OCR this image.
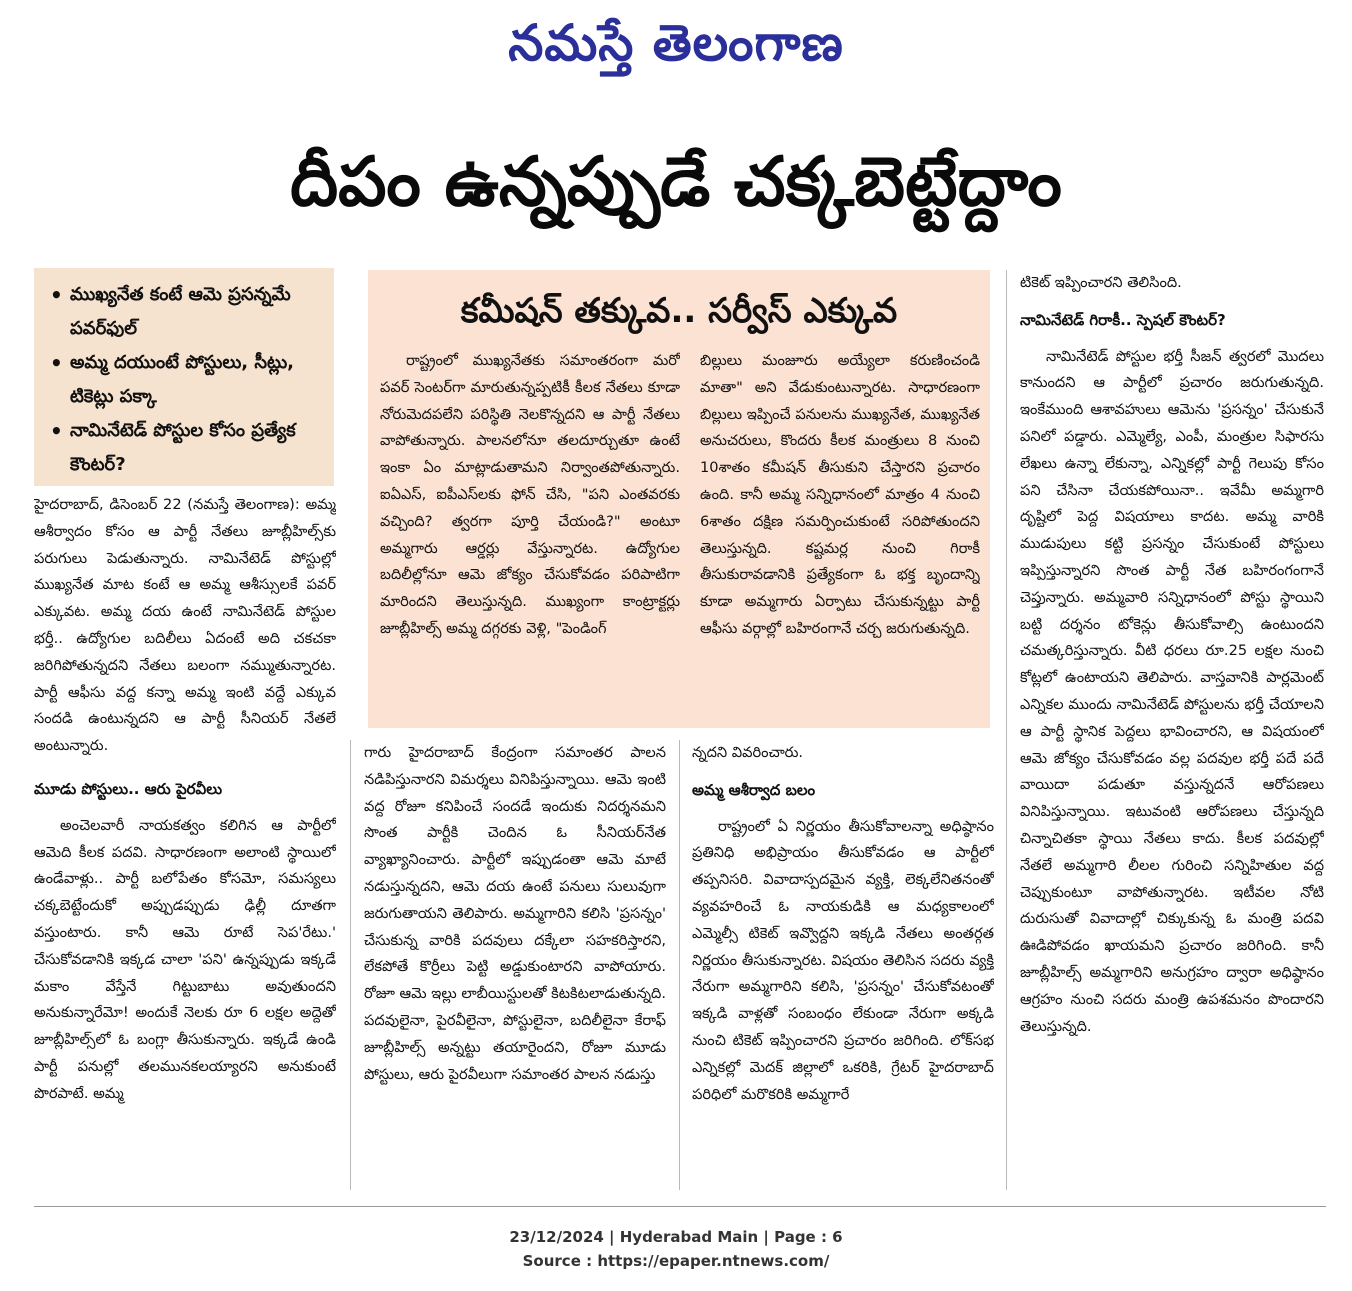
నమస్తే తెలంగాణ
దీపం ఉన్నప్పుడే చక్కబెట్టేద్దాం
• ముఖ్యనేత కంటే ఆమె ప్రసన్నమే పవర్‌ఫుల్
• అమ్మ దయుంటే పోస్టులు, సీట్లు, టికెట్లు పక్కా
• నామినేటెడ్ పోస్టుల కోసం ప్రత్యేక కౌంటర్?
కమీషన్ తక్కువ.. సర్వీస్ ఎక్కువ

రాష్ట్రంలో ముఖ్యనేతకు సమాంతరంగా మరో పవర్ సెంటర్‌గా మారుతున్నప్పటికీ కీలక నేతలు కూడా నోరుమెదపలేని పరిస్థితి నెలకొన్నదని ఆ పార్టీ నేతలు వాపోతున్నారు. పాలనలోనూ తలదూర్చుతూ ఉంటే ఇంకా ఏం మాట్లాడుతామని నిర్వాంతపోతున్నారు. ఐఏఎస్, ఐపీఎస్‌లకు ఫోన్ చేసి, "పని ఎంతవరకు వచ్చింది? త్వరగా పూర్తి చేయండి?" అంటూ అమ్మగారు ఆర్డర్లు వేస్తున్నారట. ఉద్యోగుల బదిలీల్లోనూ ఆమె జోక్యం చేసుకోవడం పరిపాటిగా మారిందని తెలుస్తున్నది. ముఖ్యంగా కాంట్రాక్టర్లు జూబ్లీహిల్స్ అమ్మ దగ్గరకు వెళ్లి, "పెండింగ్

బిల్లులు మంజూరు అయ్యేలా కరుణించండి మాతా" అని వేడుకుంటున్నారట. సాధారణంగా బిల్లులు ఇప్పించే పనులను ముఖ్యనేత, ముఖ్యనేత అనుచరులు, కొందరు కీలక మంత్రులు 8 నుంచి 10శాతం కమీషన్ తీసుకుని చేస్తారని ప్రచారం ఉంది. కానీ అమ్మ సన్నిధానంలో మాత్రం 4 నుంచి 6శాతం దక్షిణ సమర్పించుకుంటే సరిపోతుందని తెలుస్తున్నది. కష్టమర్ల నుంచి గిరాకీ తీసుకురావడానికి ప్రత్యేకంగా ఓ భక్త బృందాన్ని కూడా అమ్మగారు ఏర్పాటు చేసుకున్నట్టు పార్టీ ఆఫీసు వర్గాల్లో బహిరంగానే చర్చ జరుగుతున్నది.

హైదరాబాద్, డిసెంబర్ 22 (నమస్తే తెలంగాణ): అమ్మ ఆశీర్వాదం కోసం ఆ పార్టీ నేతలు జూబ్లీహిల్స్‌కు పరుగులు పెడుతున్నారు. నామినేటెడ్ పోస్టుల్లో ముఖ్యనేత మాట కంటే ఆ అమ్మ ఆశీస్సులకే పవర్ ఎక్కువట. అమ్మ దయ ఉంటే నామినేటెడ్ పోస్టుల భర్తీ.. ఉద్యోగుల బదిలీలు ఏదంటే అది చకచకా జరిగిపోతున్నదని నేతలు బలంగా నమ్ముతున్నారట. పార్టీ ఆఫీసు వద్ద కన్నా అమ్మ ఇంటి వద్దే ఎక్కువ సందడి ఉంటున్నదని ఆ పార్టీ సీనియర్ నేతలే అంటున్నారు.

మూడు పోస్టులు.. ఆరు పైరవీలు

అంచెలవారీ నాయకత్వం కలిగిన ఆ పార్టీలో ఆమెది కీలక పదవి. సాధారణంగా అలాంటి స్థాయిలో ఉండేవాళ్లు.. పార్టీ బలోపేతం కోసమో, సమస్యలు చక్కబెట్టేందుకో అప్పుడప్పుడు ఢిల్లీ దూతగా వస్తుంటారు. కానీ ఆమె రూటే సెప'రేటు.' చేసుకోవడానికి ఇక్కడ చాలా 'పని' ఉన్నప్పుడు ఇక్కడే మకాం వేస్తేనే గిట్టుబాటు అవుతుందని అనుకున్నారేమో! అందుకే నెలకు రూ 6 లక్షల అద్దెతో జూబ్లీహిల్స్‌లో ఓ బంగ్లా తీసుకున్నారు. ఇక్కడే ఉండి పార్టీ పనుల్లో తలమునకలయ్యారని అనుకుంటే పొరపాటే. అమ్మ

గారు హైదరాబాద్ కేంద్రంగా సమాంతర పాలన నడిపిస్తునారని విమర్శలు వినిపిస్తున్నాయి. ఆమె ఇంటి వద్ద రోజూ కనిపించే సందడే ఇందుకు నిదర్శనమని సొంత పార్టీకి చెందిన ఓ సీనియర్‌నేత వ్యాఖ్యానించారు. పార్టీలో ఇప్పుడంతా ఆమె మాటే నడుస్తున్నదని, ఆమె దయ ఉంటే పనులు సులువుగా జరుగుతాయని తెలిపారు. అమ్మగారిని కలిసి 'ప్రసన్నం' చేసుకున్న వారికి పదవులు దక్కేలా సహకరిస్తారని, లేకపోతే కొర్రీలు పెట్టి అడ్డుకుంటారని వాపోయారు. రోజూ ఆమె ఇల్లు లాబీయిస్టులతో కిటకిటలాడుతున్నది. పదవులైనా, పైరవీలైనా, పోస్టులైనా, బదిలీలైనా కేరాఫ్ జూబ్లీహిల్స్ అన్నట్టు తయారైందని, రోజూ మూడు పోస్టులు, ఆరు పైరవీలుగా సమాంతర పాలన నడుస్తు

న్నదని వివరించారు.

అమ్మ ఆశీర్వాద బలం

రాష్ట్రంలో ఏ నిర్ణయం తీసుకోవాలన్నా అధిష్ఠానం ప్రతినిధి అభిప్రాయం తీసుకోవడం ఆ పార్టీలో తప్పనిసరి. వివాదాస్పదమైన వ్యక్తి, లెక్కలేనితనంతో వ్యవహరించే ఓ నాయకుడికి ఆ మధ్యకాలంలో ఎమ్మెల్సీ టికెట్ ఇవ్వొద్దని ఇక్కడి నేతలు అంతర్గత నిర్ణయం తీసుకున్నారట. విషయం తెలిసిన సదరు వ్యక్తి నేరుగా అమ్మగారిని కలిసి, 'ప్రసన్నం' చేసుకోవటంతో ఇక్కడి వాళ్లతో సంబంధం లేకుండా నేరుగా అక్కడి నుంచి టికెట్ ఇప్పించారని ప్రచారం జరిగింది. లోక్‌సభ ఎన్నికల్లో మెదక్ జిల్లాలో ఒకరికి, గ్రేటర్ హైదరాబాద్ పరిధిలో మరొకరికి అమ్మగారే

టికెట్ ఇప్పించారని తెలిసింది.

నామినేటెడ్ గిరాకీ.. స్పెషల్ కౌంటర్?

నామినేటెడ్ పోస్టుల భర్తీ సీజన్ త్వరలో మొదలు కానుందని ఆ పార్టీలో ప్రచారం జరుగుతున్నది. ఇంకేముంది ఆశావహులు ఆమెను 'ప్రసన్నం' చేసుకునే పనిలో పడ్డారు. ఎమ్మెల్యే, ఎంపీ, మంత్రుల సిఫారసు లేఖలు ఉన్నా లేకున్నా, ఎన్నికల్లో పార్టీ గెలుపు కోసం పని చేసినా చేయకపోయినా.. ఇవేమీ అమ్మగారి దృష్టిలో పెద్ద విషయాలు కాదట. అమ్మ వారికి ముడుపులు కట్టి ప్రసన్నం చేసుకుంటే పోస్టులు ఇప్పిస్తున్నారని సొంత పార్టీ నేత బహిరంగంగానే చెప్తున్నారు. అమ్మవారి సన్నిధానంలో పోస్టు స్థాయిని బట్టి దర్శనం టోకెన్లు తీసుకోవాల్సి ఉంటుందని చమత్కరిస్తున్నారు. వీటి ధరలు రూ.25 లక్షల నుంచి కోట్లలో ఉంటాయని తెలిపారు. వాస్తవానికి పార్లమెంట్ ఎన్నికల ముందు నామినేటెడ్ పోస్టులను భర్తీ చేయాలని ఆ పార్టీ స్థానిక పెద్దలు భావించారని, ఆ విషయంలో ఆమె జోక్యం చేసుకోవడం వల్ల పదవుల భర్తీ పదే పదే వాయిదా పడుతూ వస్తున్నదనే ఆరోపణలు వినిపిస్తున్నాయి. ఇటువంటి ఆరోపణలు చేస్తున్నది చిన్నాచితకా స్థాయి నేతలు కాదు. కీలక పదవుల్లో నేతలే అమ్మగారి లీలల గురించి సన్నిహితుల వద్ద చెప్పుకుంటూ వాపోతున్నారట. ఇటీవల నోటి దురుసుతో వివాదాల్లో చిక్కుకున్న ఓ మంత్రి పదవి ఊడిపోవడం ఖాయమని ప్రచారం జరిగింది. కానీ జూబ్లీహిల్స్ అమ్మగారిని అనుగ్రహం ద్వారా అధిష్ఠానం ఆగ్రహం నుంచి సదరు మంత్రి ఉపశమనం పొందారని తెలుస్తున్నది.

23/12/2024 | Hyderabad Main | Page : 6
Source : https://epaper.ntnews.com/
